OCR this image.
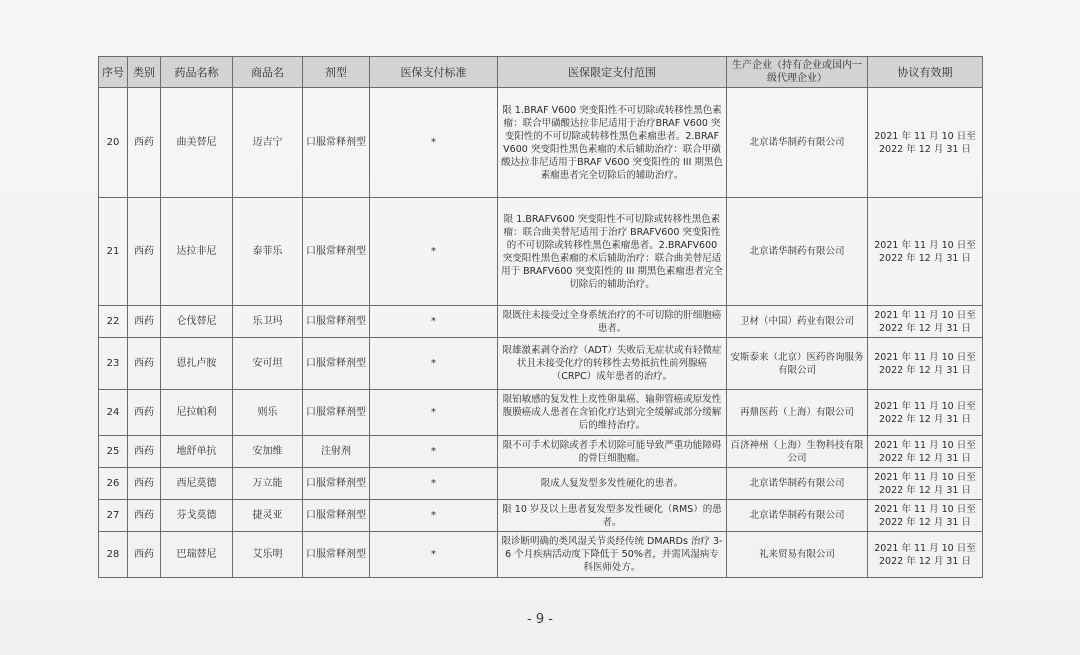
序号	类别	药品名称	商品名	剂型	医保支付标准	医保限定支付范围	生产企业（持有企业或国内一级代理企业）	协议有效期
20	西药	曲美替尼	迈吉宁	口服常释剂型	*	限 1.BRAF V600 突变阳性不可切除或转移性黑色素瘤：联合甲磺酸达拉非尼适用于治疗BRAF V600 突变阳性的不可切除或转移性黑色素瘤患者。2.BRAF V600 突变阳性黑色素瘤的术后辅助治疗：联合甲磺酸达拉非尼适用于BRAF V600 突变阳性的 III 期黑色素瘤患者完全切除后的辅助治疗。	北京诺华制药有限公司	2021 年 11 月 10 日至 2022 年 12 月 31 日
21	西药	达拉非尼	泰菲乐	口服常释剂型	*	限 1.BRAFV600 突变阳性不可切除或转移性黑色素瘤：联合曲美替尼适用于治疗 BRAFV600 突变阳性的不可切除或转移性黑色素瘤患者。2.BRAFV600 突变阳性黑色素瘤的术后辅助治疗：联合曲美替尼适用于 BRAFV600 突变阳性的 III 期黑色素瘤患者完全切除后的辅助治疗。	北京诺华制药有限公司	2021 年 11 月 10 日至 2022 年 12 月 31 日
22	西药	仑伐替尼	乐卫玛	口服常释剂型	*	限既往未接受过全身系统治疗的不可切除的肝细胞癌患者。	卫材（中国）药业有限公司	2021 年 11 月 10 日至 2022 年 12 月 31 日
23	西药	恩扎卢胺	安可坦	口服常释剂型	*	限雄激素剥夺治疗（ADT）失败后无症状或有轻微症状且未接受化疗的转移性去势抵抗性前列腺癌（CRPC）成年患者的治疗。	安斯泰来（北京）医药咨询服务有限公司	2021 年 11 月 10 日至 2022 年 12 月 31 日
24	西药	尼拉帕利	则乐	口服常释剂型	*	限铂敏感的复发性上皮性卵巢癌、输卵管癌或原发性腹膜癌成人患者在含铂化疗达到完全缓解或部分缓解后的维持治疗。	再鼎医药（上海）有限公司	2021 年 11 月 10 日至 2022 年 12 月 31 日
25	西药	地舒单抗	安加维	注射剂	*	限不可手术切除或者手术切除可能导致严重功能障碍的骨巨细胞瘤。	百济神州（上海）生物科技有限公司	2021 年 11 月 10 日至 2022 年 12 月 31 日
26	西药	西尼莫德	万立能	口服常释剂型	*	限成人复发型多发性硬化的患者。	北京诺华制药有限公司	2021 年 11 月 10 日至 2022 年 12 月 31 日
27	西药	芬戈莫德	捷灵亚	口服常释剂型	*	限 10 岁及以上患者复发型多发性硬化（RMS）的患者。	北京诺华制药有限公司	2021 年 11 月 10 日至 2022 年 12 月 31 日
28	西药	巴瑞替尼	艾乐明	口服常释剂型	*	限诊断明确的类风湿关节炎经传统 DMARDs 治疗 3-6 个月疾病活动度下降低于 50%者，并需风湿病专科医师处方。	礼来贸易有限公司	2021 年 11 月 10 日至 2022 年 12 月 31 日
- 9 -
